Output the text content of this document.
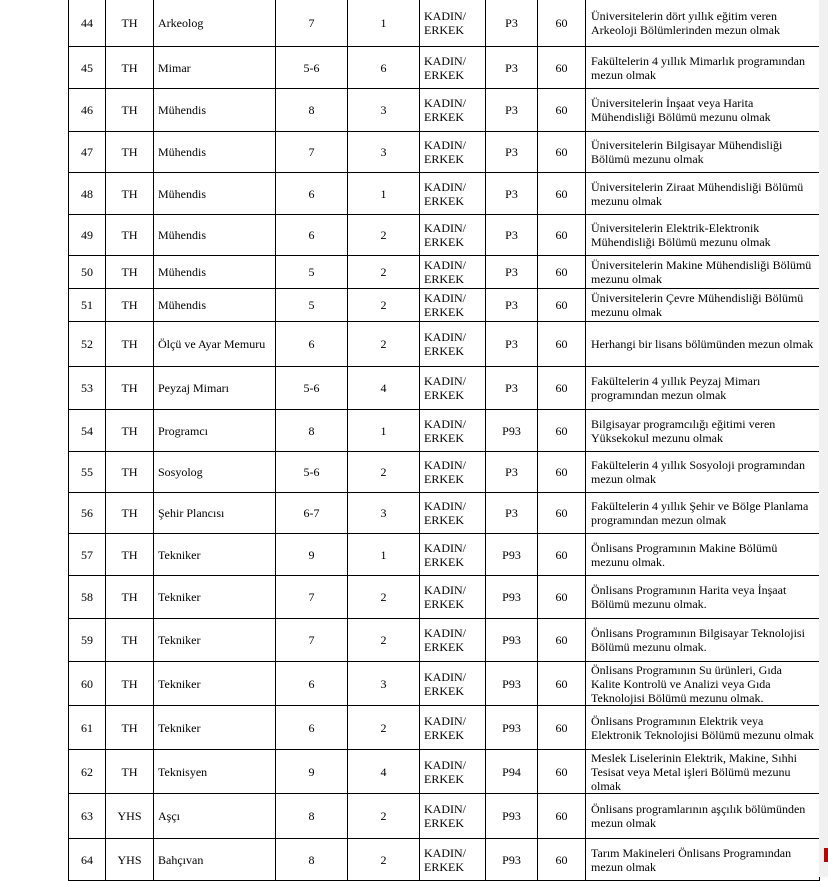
44	TH	Arkeolog	7	1	KADIN/ ERKEK	P3	60	Üniversitelerin dört yıllık eğitim veren Arkeoloji Bölümlerinden mezun olmak
45	TH	Mimar	5-6	6	KADIN/ ERKEK	P3	60	Fakültelerin 4 yıllık Mimarlık programından mezun olmak
46	TH	Mühendis	8	3	KADIN/ ERKEK	P3	60	Üniversitelerin İnşaat veya Harita Mühendisliği Bölümü mezunu olmak
47	TH	Mühendis	7	3	KADIN/ ERKEK	P3	60	Üniversitelerin Bilgisayar Mühendisliği Bölümü mezunu olmak
48	TH	Mühendis	6	1	KADIN/ ERKEK	P3	60	Üniversitelerin Ziraat Mühendisliği Bölümü mezunu olmak
49	TH	Mühendis	6	2	KADIN/ ERKEK	P3	60	Üniversitelerin Elektrik-Elektronik Mühendisliği Bölümü mezunu olmak
50	TH	Mühendis	5	2	KADIN/ ERKEK	P3	60	Üniversitelerin Makine Mühendisliği Bölümü mezunu olmak
51	TH	Mühendis	5	2	KADIN/ ERKEK	P3	60	Üniversitelerin Çevre Mühendisliği Bölümü mezunu olmak
52	TH	Ölçü ve Ayar Memuru	6	2	KADIN/ ERKEK	P3	60	Herhangi bir lisans bölümünden mezun olmak
53	TH	Peyzaj Mimarı	5-6	4	KADIN/ ERKEK	P3	60	Fakültelerin 4 yıllık Peyzaj Mimarı programından mezun olmak
54	TH	Programcı	8	1	KADIN/ ERKEK	P93	60	Bilgisayar programcılığı eğitimi veren Yüksekokul mezunu olmak
55	TH	Sosyolog	5-6	2	KADIN/ ERKEK	P3	60	Fakültelerin 4 yıllık Sosyoloji programından mezun olmak
56	TH	Şehir Plancısı	6-7	3	KADIN/ ERKEK	P3	60	Fakültelerin 4 yıllık Şehir ve Bölge Planlama programından mezun olmak
57	TH	Tekniker	9	1	KADIN/ ERKEK	P93	60	Önlisans Programının Makine Bölümü mezunu olmak.
58	TH	Tekniker	7	2	KADIN/ ERKEK	P93	60	Önlisans Programının Harita veya İnşaat Bölümü mezunu olmak.
59	TH	Tekniker	7	2	KADIN/ ERKEK	P93	60	Önlisans Programının Bilgisayar Teknolojisi Bölümü mezunu olmak.
60	TH	Tekniker	6	3	KADIN/ ERKEK	P93	60	Önlisans Programının Su ürünleri, Gıda Kalite Kontrolü ve Analizi veya Gıda Teknolojisi Bölümü mezunu olmak.
61	TH	Tekniker	6	2	KADIN/ ERKEK	P93	60	Önlisans Programının Elektrik veya Elektronik Teknolojisi Bölümü mezunu olmak
62	TH	Teknisyen	9	4	KADIN/ ERKEK	P94	60	Meslek Liselerinin Elektrik, Makine, Sıhhi Tesisat veya Metal işleri Bölümü mezunu olmak
63	YHS	Aşçı	8	2	KADIN/ ERKEK	P93	60	Önlisans programlarının aşçılık bölümünden mezun olmak
64	YHS	Bahçıvan	8	2	KADIN/ ERKEK	P93	60	Tarım Makineleri Önlisans Programından mezun olmak
